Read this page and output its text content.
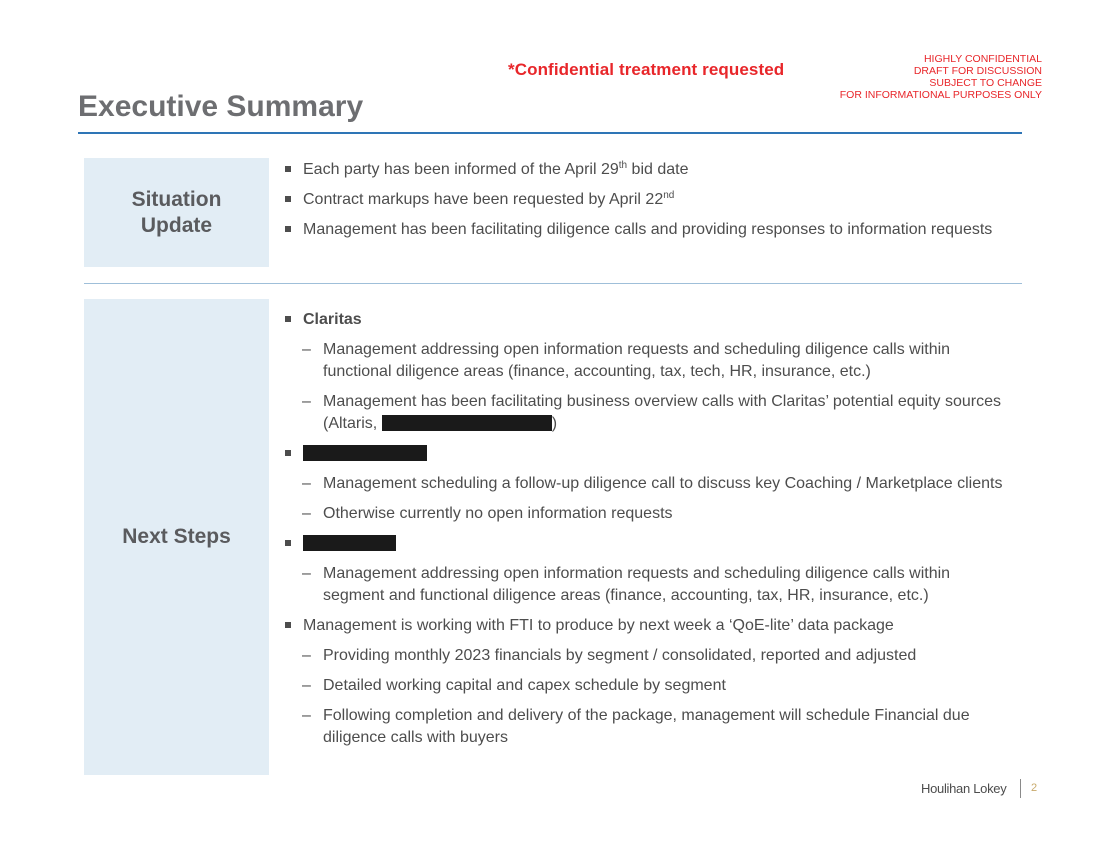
*Confidential treatment requested
HIGHLY CONFIDENTIAL
DRAFT FOR DISCUSSION
SUBJECT TO CHANGE
FOR INFORMATIONAL PURPOSES ONLY
Executive Summary
Situation
Update
Each party has been informed of the April 29th bid date
Contract markups have been requested by April 22nd
Management has been facilitating diligence calls and providing responses to information requests
Next Steps
Claritas
– Management addressing open information requests and scheduling diligence calls within functional diligence areas (finance, accounting, tax, tech, HR, insurance, etc.)
– Management has been facilitating business overview calls with Claritas’ potential equity sources (Altaris,	)
– Management scheduling a follow-up diligence call to discuss key Coaching / Marketplace clients
– Otherwise currently no open information requests
– Management addressing open information requests and scheduling diligence calls within segment and functional diligence areas (finance, accounting, tax, HR, insurance, etc.)
Management is working with FTI to produce by next week a ‘QoE-lite’ data package
– Providing monthly 2023 financials by segment / consolidated, reported and adjusted
– Detailed working capital and capex schedule by segment
– Following completion and delivery of the package, management will schedule Financial due diligence calls with buyers
Houlihan Lokey 2
